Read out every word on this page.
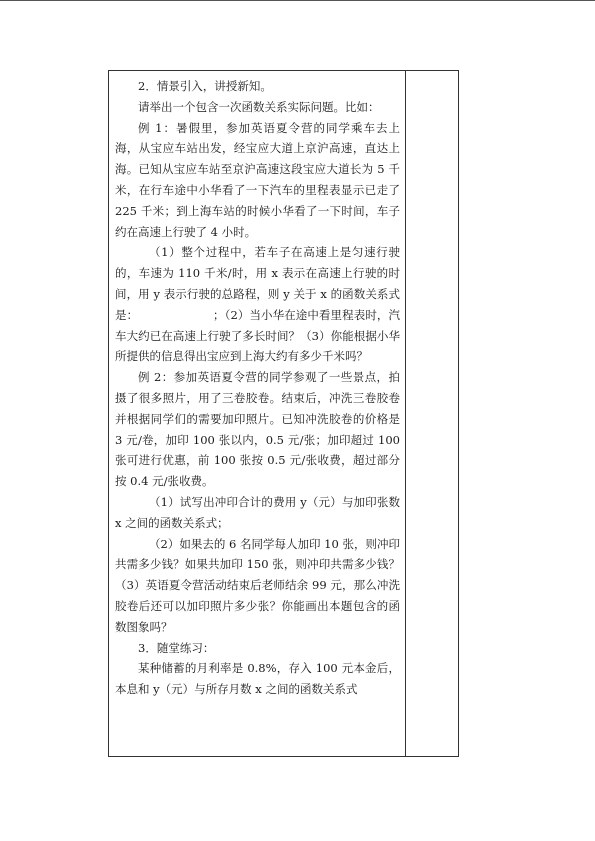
2．情景引入，讲授新知。

请举出一个包含一次函数关系实际问题。比如：

例 1：暑假里，参加英语夏令营的同学乘车去上海，从宝应车站出发，经宝应大道上京沪高速，直达上海。已知从宝应车站至京沪高速这段宝应大道长为 5 千米，在行车途中小华看了一下汽车的里程表显示已走了 225 千米；到上海车站的时候小华看了一下时间，车子约在高速上行驶了 4 小时。

（1）整个过程中，若车子在高速上是匀速行驶的，车速为 110 千米/时，用 x 表示在高速上行驶的时间，用 y 表示行驶的总路程，则 y 关于 x 的函数关系式是：                    ；（2）当小华在途中看里程表时，汽车大约已在高速上行驶了多长时间？（3）你能根据小华所提供的信息得出宝应到上海大约有多少千米吗？

例 2：参加英语夏令营的同学参观了一些景点，拍摄了很多照片，用了三卷胶卷。结束后，冲洗三卷胶卷并根据同学们的需要加印照片。已知冲洗胶卷的价格是 3 元/卷，加印 100 张以内，0.5 元/张；加印超过 100 张可进行优惠，前 100 张按 0.5 元/张收费，超过部分按 0.4 元/张收费。

（1）试写出冲印合计的费用 y（元）与加印张数 x 之间的函数关系式；

（2）如果去的 6 名同学每人加印 10 张，则冲印共需多少钱？如果共加印 150 张，则冲印共需多少钱？（3）英语夏令营活动结束后老师结余 99 元，那么冲洗胶卷后还可以加印照片多少张？你能画出本题包含的函数图象吗？

3．随堂练习：

某种储蓄的月利率是 0.8%，存入 100 元本金后，本息和 y（元）与所存月数 x 之间的函数关系式
